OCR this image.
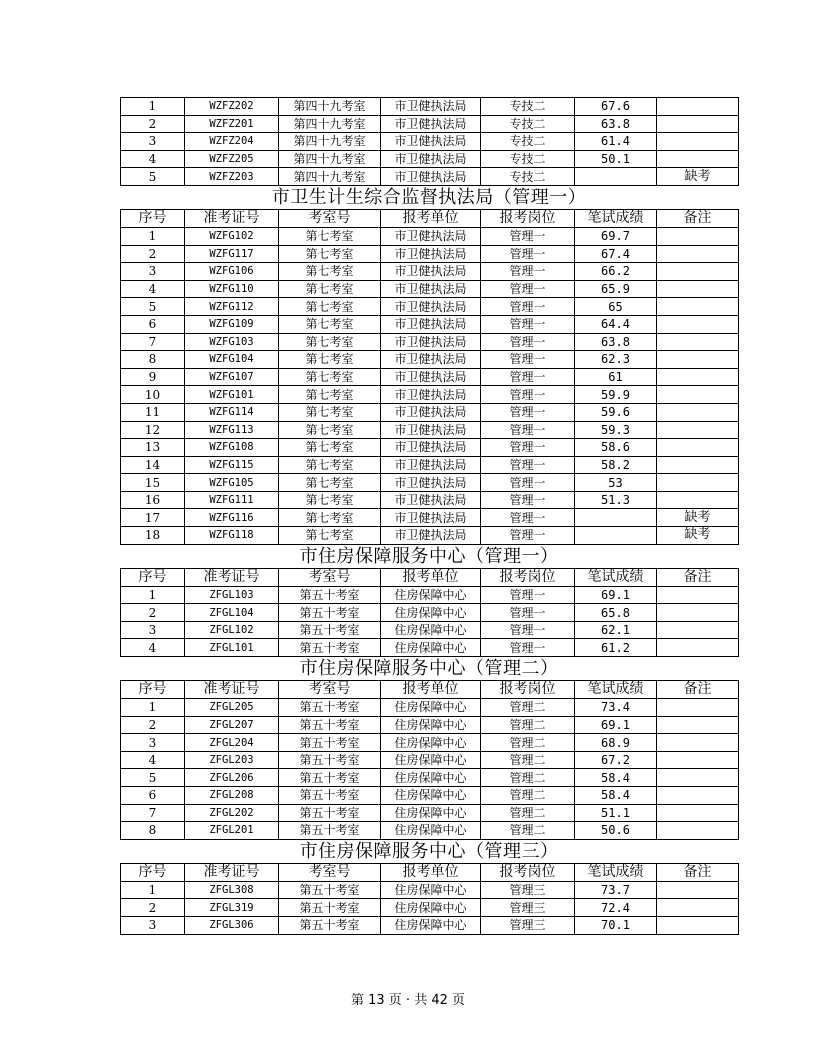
1	WZFZ202	第四十九考室	市卫健执法局	专技二	67.6	
2	WZFZ201	第四十九考室	市卫健执法局	专技二	63.8	
3	WZFZ204	第四十九考室	市卫健执法局	专技二	61.4	
4	WZFZ205	第四十九考室	市卫健执法局	专技二	50.1	
5	WZFZ203	第四十九考室	市卫健执法局	专技二		缺考
市卫生计生综合监督执法局（管理一）
序号	准考证号	考室号	报考单位	报考岗位	笔试成绩	备注
1	WZFG102	第七考室	市卫健执法局	管理一	69.7	
2	WZFG117	第七考室	市卫健执法局	管理一	67.4	
3	WZFG106	第七考室	市卫健执法局	管理一	66.2	
4	WZFG110	第七考室	市卫健执法局	管理一	65.9	
5	WZFG112	第七考室	市卫健执法局	管理一	65	
6	WZFG109	第七考室	市卫健执法局	管理一	64.4	
7	WZFG103	第七考室	市卫健执法局	管理一	63.8	
8	WZFG104	第七考室	市卫健执法局	管理一	62.3	
9	WZFG107	第七考室	市卫健执法局	管理一	61	
10	WZFG101	第七考室	市卫健执法局	管理一	59.9	
11	WZFG114	第七考室	市卫健执法局	管理一	59.6	
12	WZFG113	第七考室	市卫健执法局	管理一	59.3	
13	WZFG108	第七考室	市卫健执法局	管理一	58.6	
14	WZFG115	第七考室	市卫健执法局	管理一	58.2	
15	WZFG105	第七考室	市卫健执法局	管理一	53	
16	WZFG111	第七考室	市卫健执法局	管理一	51.3	
17	WZFG116	第七考室	市卫健执法局	管理一		缺考
18	WZFG118	第七考室	市卫健执法局	管理一		缺考
市住房保障服务中心（管理一）
序号	准考证号	考室号	报考单位	报考岗位	笔试成绩	备注
1	ZFGL103	第五十考室	住房保障中心	管理一	69.1	
2	ZFGL104	第五十考室	住房保障中心	管理一	65.8	
3	ZFGL102	第五十考室	住房保障中心	管理一	62.1	
4	ZFGL101	第五十考室	住房保障中心	管理一	61.2	
市住房保障服务中心（管理二）
序号	准考证号	考室号	报考单位	报考岗位	笔试成绩	备注
1	ZFGL205	第五十考室	住房保障中心	管理二	73.4	
2	ZFGL207	第五十考室	住房保障中心	管理二	69.1	
3	ZFGL204	第五十考室	住房保障中心	管理二	68.9	
4	ZFGL203	第五十考室	住房保障中心	管理二	67.2	
5	ZFGL206	第五十考室	住房保障中心	管理二	58.4	
6	ZFGL208	第五十考室	住房保障中心	管理二	58.4	
7	ZFGL202	第五十考室	住房保障中心	管理二	51.1	
8	ZFGL201	第五十考室	住房保障中心	管理二	50.6	
市住房保障服务中心（管理三）
序号	准考证号	考室号	报考单位	报考岗位	笔试成绩	备注
1	ZFGL308	第五十考室	住房保障中心	管理三	73.7	
2	ZFGL319	第五十考室	住房保障中心	管理三	72.4	
3	ZFGL306	第五十考室	住房保障中心	管理三	70.1	
第 13 页 · 共 42 页
